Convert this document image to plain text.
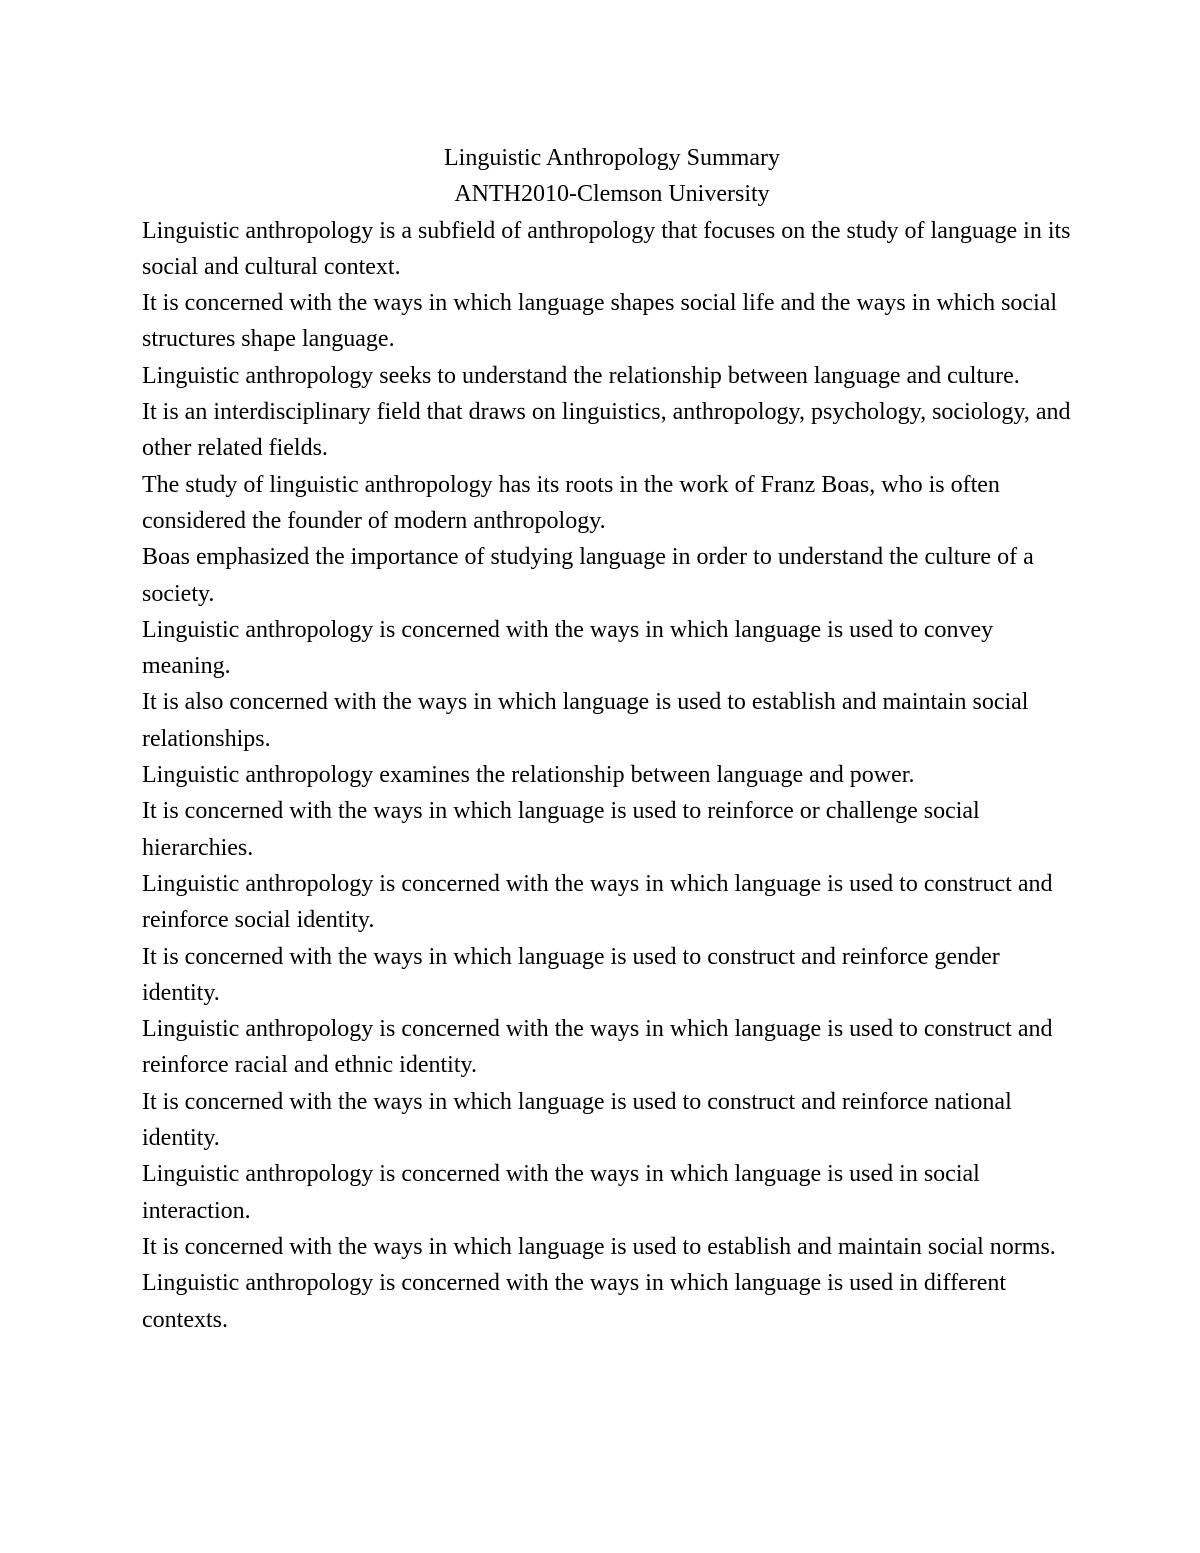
Linguistic Anthropology Summary

ANTH2010-Clemson University

Linguistic anthropology is a subfield of anthropology that focuses on the study of language in its social and cultural context.

It is concerned with the ways in which language shapes social life and the ways in which social structures shape language.

Linguistic anthropology seeks to understand the relationship between language and culture.

It is an interdisciplinary field that draws on linguistics, anthropology, psychology, sociology, and other related fields.

The study of linguistic anthropology has its roots in the work of Franz Boas, who is often considered the founder of modern anthropology.

Boas emphasized the importance of studying language in order to understand the culture of a society.

Linguistic anthropology is concerned with the ways in which language is used to convey meaning.

It is also concerned with the ways in which language is used to establish and maintain social relationships.

Linguistic anthropology examines the relationship between language and power.

It is concerned with the ways in which language is used to reinforce or challenge social hierarchies.

Linguistic anthropology is concerned with the ways in which language is used to construct and reinforce social identity.

It is concerned with the ways in which language is used to construct and reinforce gender identity.

Linguistic anthropology is concerned with the ways in which language is used to construct and reinforce racial and ethnic identity.

It is concerned with the ways in which language is used to construct and reinforce national identity.

Linguistic anthropology is concerned with the ways in which language is used in social interaction.

It is concerned with the ways in which language is used to establish and maintain social norms.

Linguistic anthropology is concerned with the ways in which language is used in different contexts.
